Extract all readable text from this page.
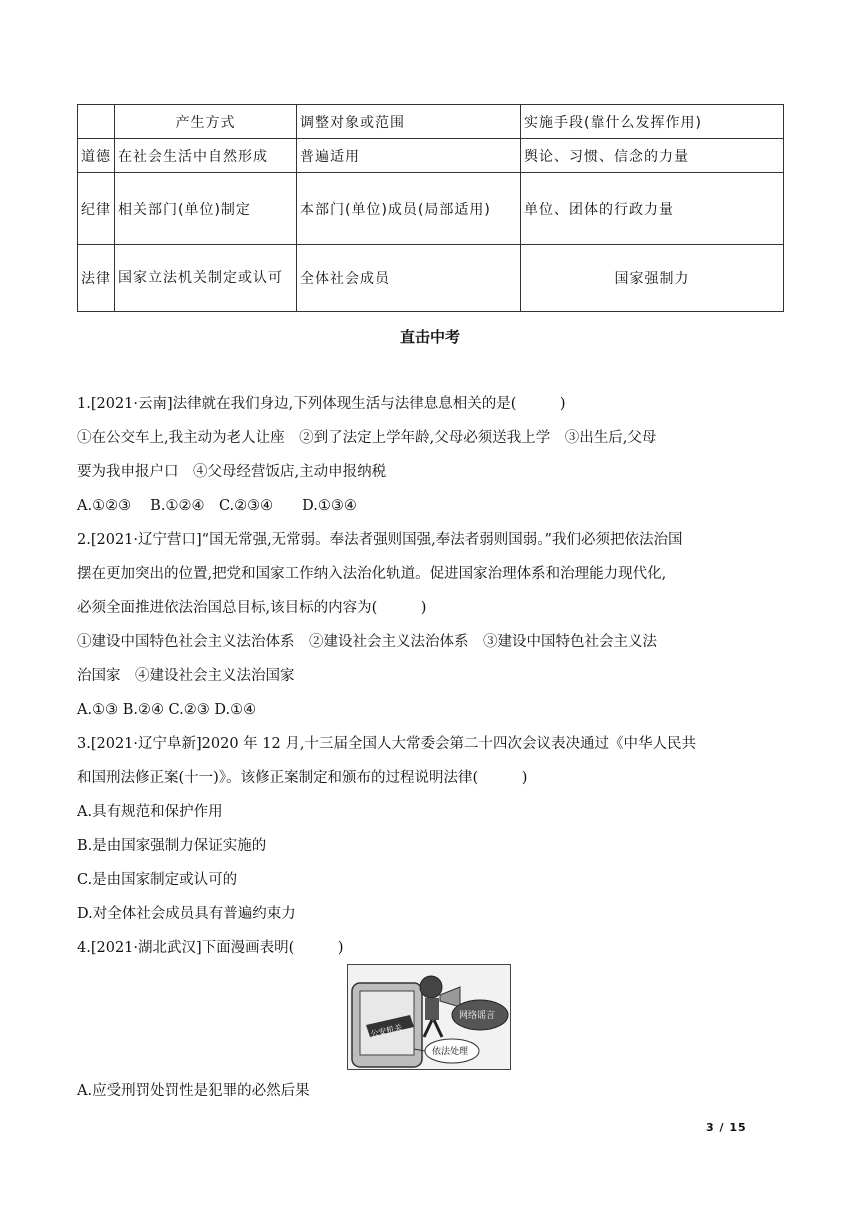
	产生方式	调整对象或范围	实施手段(靠什么发挥作用)
道德	在社会生活中自然形成	普遍适用	舆论、习惯、信念的力量
纪律	相关部门(单位)制定	本部门(单位)成员(局部适用)	单位、团体的行政力量
法律	国家立法机关制定或认可	全体社会成员	国家强制力
直击中考
1.[2021·云南]法律就在我们身边,下列体现生活与法律息息相关的是(　　　)
①在公交车上,我主动为老人让座　②到了法定上学年龄,父母必须送我上学　③出生后,父母
要为我申报户口　④父母经营饭店,主动申报纳税
A.①②③　 B.①②④　C.②③④　　D.①③④
2.[2021·辽宁营口]“国无常强,无常弱。奉法者强则国强,奉法者弱则国弱。”我们必须把依法治国
摆在更加突出的位置,把党和国家工作纳入法治化轨道。促进国家治理体系和治理能力现代化,
必须全面推进依法治国总目标,该目标的内容为(　　　)
①建设中国特色社会主义法治体系　②建设社会主义法治体系　③建设中国特色社会主义法
治国家　④建设社会主义法治国家
A.①③ B.②④ C.②③ D.①④
3.[2021·辽宁阜新]2020 年 12 月,十三届全国人大常委会第二十四次会议表决通过《中华人民共
和国刑法修正案(十一)》。该修正案制定和颁布的过程说明法律(　　　)
A.具有规范和保护作用
B.是由国家强制力保证实施的
C.是由国家制定或认可的
D.对全体社会成员具有普遍约束力
4.[2021·湖北武汉]下面漫画表明(　　　)
公安机关
网络谣言
依法处理
A.应受刑罚处罚性是犯罪的必然后果
3 / 15
